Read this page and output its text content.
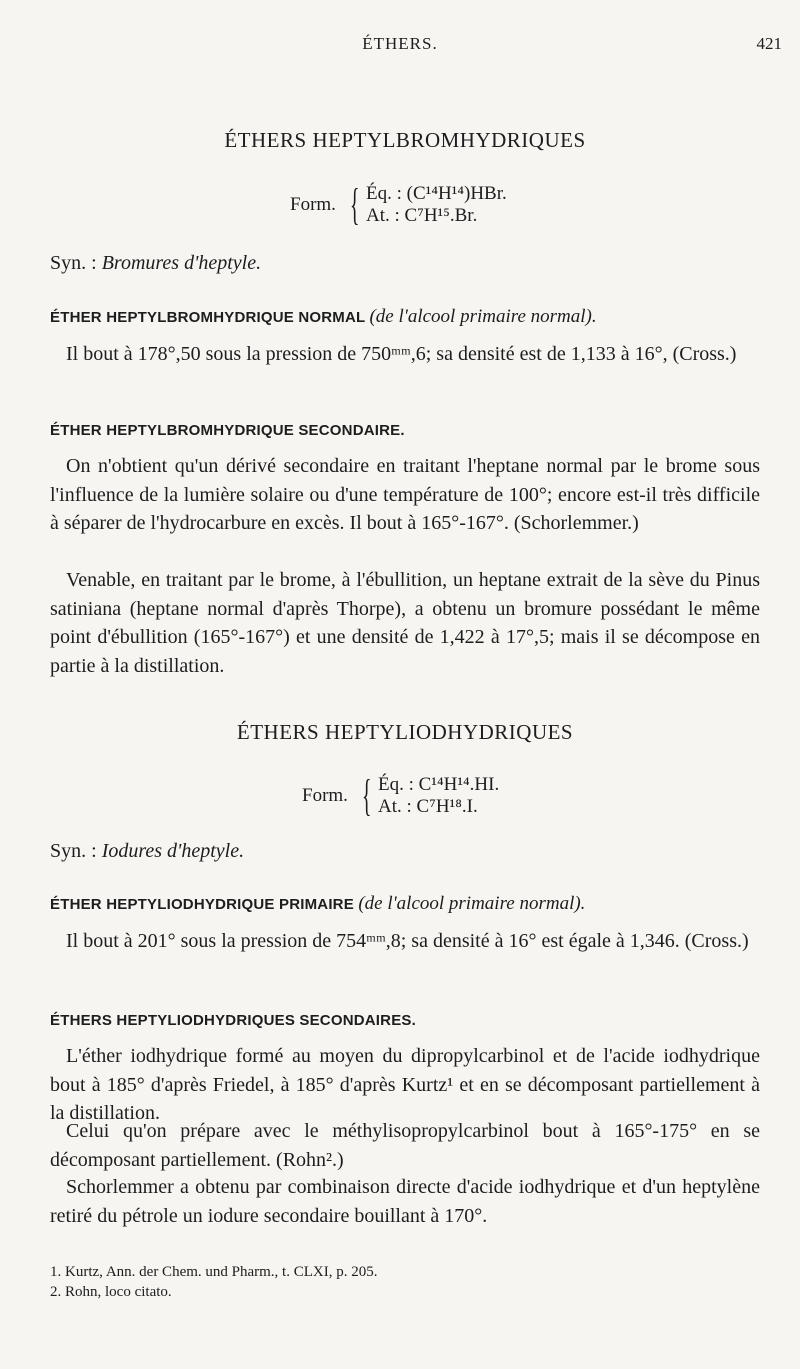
ÉTHERS.	421
ÉTHERS HEPTYLBROMHYDRIQUES
Form. { Éq. : (C¹⁴H¹⁴)HBr.
At. : C⁷H¹⁵.Br.
Syn. : Bromures d'heptyle.
ÉTHER HEPTYLBROMHYDRIQUE NORMAL (de l'alcool primaire normal).
Il bout à 178°,50 sous la pression de 750ᵐᵐ,6; sa densité est de 1,133 à 16°, (Cross.)
ÉTHER HEPTYLBROMHYDRIQUE SECONDAIRE.
On n'obtient qu'un dérivé secondaire en traitant l'heptane normal par le brome sous l'influence de la lumière solaire ou d'une température de 100°; encore est-il très difficile à séparer de l'hydrocarbure en excès. Il bout à 165°-167°. (Schorlemmer.)
Venable, en traitant par le brome, à l'ébullition, un heptane extrait de la sève du Pinus satiniana (heptane normal d'après Thorpe), a obtenu un bromure possédant le même point d'ébullition (165°-167°) et une densité de 1,422 à 17°,5; mais il se décompose en partie à la distillation.
ÉTHERS HEPTYLIODHYDRIQUES
Form. { Éq. : C¹⁴H¹⁴.HI.
At. : C⁷H¹⁸.I.
Syn. : Iodures d'heptyle.
ÉTHER HEPTYLIODHYDRIQUE PRIMAIRE (de l'alcool primaire normal).
Il bout à 201° sous la pression de 754ᵐᵐ,8; sa densité à 16° est égale à 1,346. (Cross.)
ÉTHERS HEPTYLIODHYDRIQUES SECONDAIRES.
L'éther iodhydrique formé au moyen du dipropylcarbinol et de l'acide iodhydrique bout à 185° d'après Friedel, à 185° d'après Kurtz¹ et en se décomposant partiellement à la distillation.
Celui qu'on prépare avec le méthylisopropylcarbinol bout à 165°-175° en se décomposant partiellement. (Rohn².)
Schorlemmer a obtenu par combinaison directe d'acide iodhydrique et d'un heptylène retiré du pétrole un iodure secondaire bouillant à 170°.
1. Kurtz, Ann. der Chem. und Pharm., t. CLXI, p. 205.
2. Rohn, loco citato.
